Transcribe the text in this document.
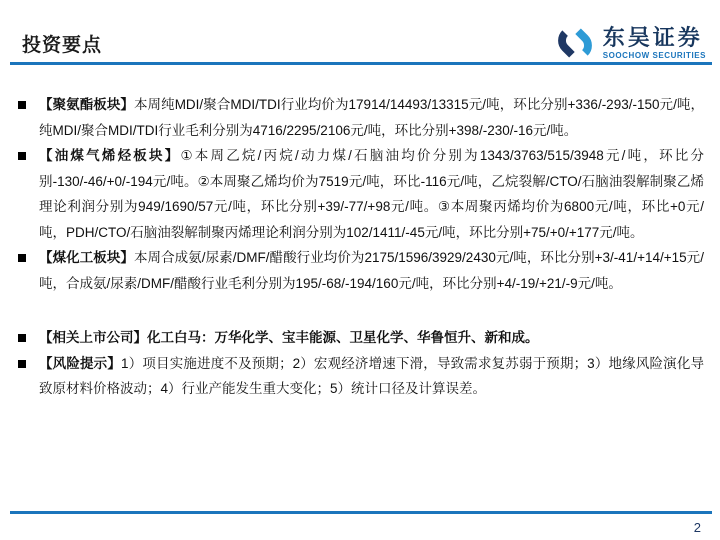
投资要点	东吴证券
SOOCHOW SECURITIES
【聚氨酯板块】本周纯MDI/聚合MDI/TDI行业均价为17914/14493/13315元/吨，环比分别+336/-293/-150元/吨，纯MDI/聚合MDI/TDI行业毛利分别为4716/2295/2106元/吨，环比分别+398/-230/-16元/吨。
【油煤气烯烃板块】①本周乙烷/丙烷/动力煤/石脑油均价分别为1343/3763/515/3948元/吨，环比分别-130/-46/+0/-194元/吨。②本周聚乙烯均价为7519元/吨，环比-116元/吨，乙烷裂解/CTO/石脑油裂解制聚乙烯理论利润分别为949/1690/57元/吨，环比分别+39/-77/+98元/吨。③本周聚丙烯均价为6800元/吨，环比+0元/吨，PDH/CTO/石脑油裂解制聚丙烯理论利润分别为102/1411/-45元/吨，环比分别+75/+0/+177元/吨。
【煤化工板块】本周合成氨/尿素/DMF/醋酸行业均价为2175/1596/3929/2430元/吨，环比分别+3/-41/+14/+15元/吨，合成氨/尿素/DMF/醋酸行业毛利分别为195/-68/-194/160元/吨，环比分别+4/-19/+21/-9元/吨。
【相关上市公司】化工白马：万华化学、宝丰能源、卫星化学、华鲁恒升、新和成。
【风险提示】1）项目实施进度不及预期；2）宏观经济增速下滑，导致需求复苏弱于预期；3）地缘风险演化导致原材料价格波动；4）行业产能发生重大变化；5）统计口径及计算误差。
2
